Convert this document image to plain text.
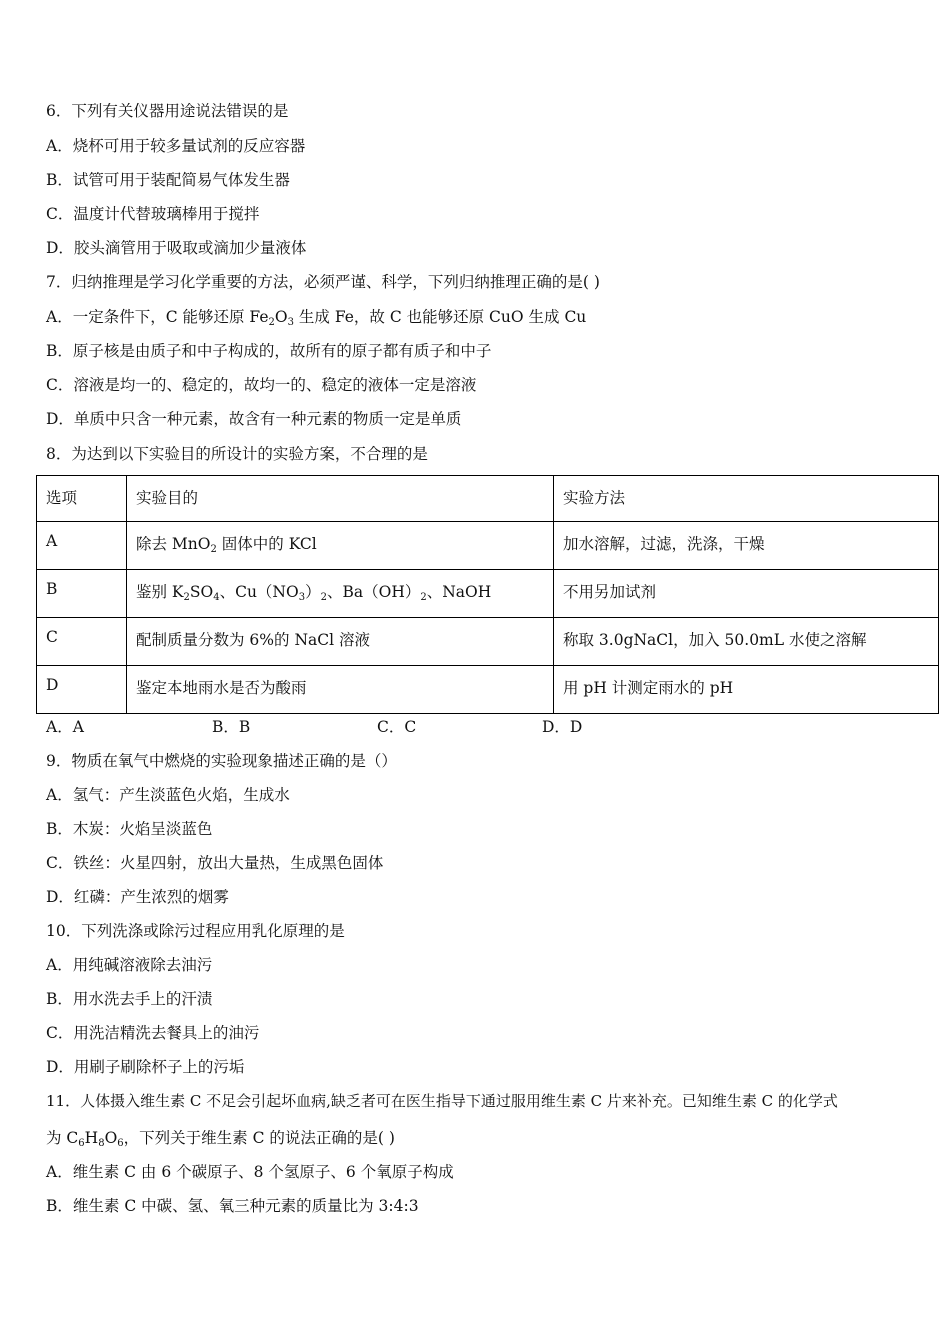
6．下列有关仪器用途说法错误的是
A．烧杯可用于较多量试剂的反应容器
B．试管可用于装配简易气体发生器
C．温度计代替玻璃棒用于搅拌
D．胶头滴管用于吸取或滴加少量液体
7．归纳推理是学习化学重要的方法，必须严谨、科学，下列归纳推理正确的是( )
A．一定条件下，C 能够还原 $Fe_2O_3$ 生成 Fe，故 C 也能够还原 CuO 生成 Cu
B．原子核是由质子和中子构成的，故所有的原子都有质子和中子
C．溶液是均一的、稳定的，故均一的、稳定的液体一定是溶液
D．单质中只含一种元素，故含有一种元素的物质一定是单质
8．为达到以下实验目的所设计的实验方案，不合理的是
选项	实验目的	实验方法
A	除去 MnO$_2$ 固体中的 KCl	加水溶解，过滤，洗涤，干燥
B	鉴别 $K_2SO_4$、$Cu(NO_3)_2$、$Ba(OH)_2$、NaOH	不用另加试剂
C	配制质量分数为 6%的 NaCl 溶液	称取 3.0gNaCl，加入 50.0mL 水使之溶解
D	鉴定本地雨水是否为酸雨	用 pH 计测定雨水的 pH
A．A	B．B	C．C	D．D
9．物质在氧气中燃烧的实验现象描述正确的是（）
A．氢气：产生淡蓝色火焰，生成水
B．木炭：火焰呈淡蓝色
C．铁丝：火星四射，放出大量热，生成黑色固体
D．红磷：产生浓烈的烟雾
10．下列洗涤或除污过程应用乳化原理的是
A．用纯碱溶液除去油污
B．用水洗去手上的汗渍
C．用洗洁精洗去餐具上的油污
D．用刷子刷除杯子上的污垢
11．人体摄入维生素 C 不足会引起坏血病,缺乏者可在医生指导下通过服用维生素 C 片来补充。已知维生素 C 的化学式
为 $C_6H_8O_6$，下列关于维生素 C 的说法正确的是( )
A．维生素 C 由 6 个碳原子、8 个氢原子、6 个氧原子构成
B．维生素 C 中碳、氢、氧三种元素的质量比为 3:4:3
